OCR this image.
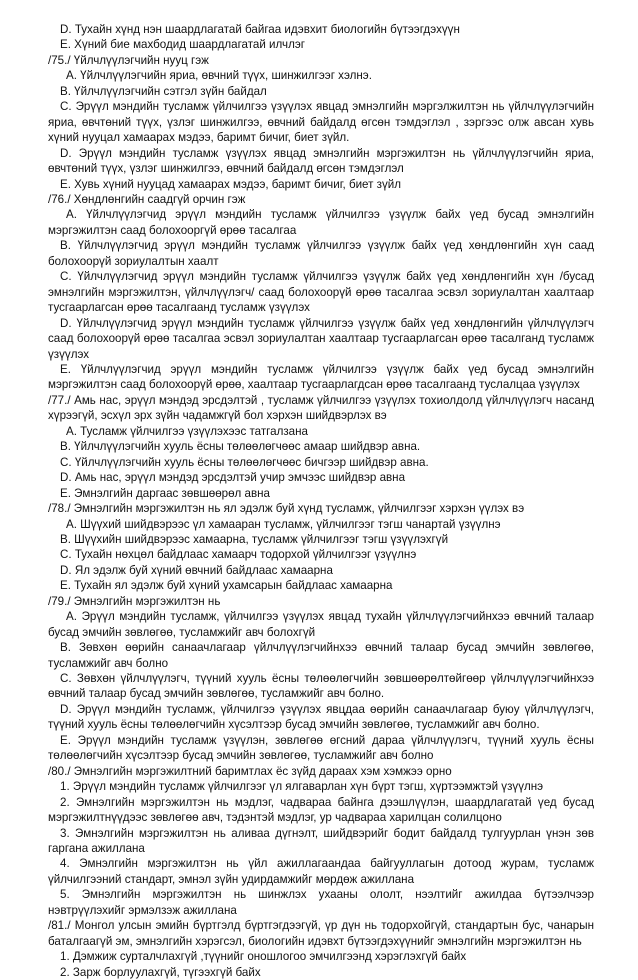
D. Тухайн хүнд нэн шаардлагатай байгаа идэвхит биологийн бүтээгдэхүүн

E. Хүний бие махбодид шаардлагатай илчлэг

/75./ Үйлчлүүлэгчийн нууц гэж

A. Үйлчлүүлэгчийн яриа, өвчний түүх, шинжилгээг хэлнэ.

B. Үйлчлүүлэгчийн сэтгэл зүйн байдал

C. Эрүүл мэндийн тусламж үйлчилгээ үзүүлэх явцад эмнэлгийн мэргэлжилтэн нь үйлчлүүлэгчийн яриа, өвчтөний түүх, үзлэг шинжилгээ, өвчний байдалд өгсөн тэмдэглэл , зэргээс олж авсан хувь хүний нууцал хамаарах мэдээ, баримт бичиг, биет зүйл.

D. Эрүүл мэндийн тусламж үзүүлэх явцад эмнэлгийн мэргэжилтэн нь үйлчлүүлэгчийн яриа, өвчтөний түүх, үзлэг шинжилгээ, өвчний байдалд өгсөн тэмдэглэл

E. Хувь хүний нууцад хамаарах мэдээ, баримт бичиг, биет зүйл

/76./ Хөндлөнгийн саадгүй орчин гэж

A. Үйлчлүүлэгчид эрүүл мэндийн тусламж үйлчилгээ үзүүлж байх үед бусад эмнэлгийн мэргэжилтэн саад болохооргүй өрөө тасалгаа

B. Үйлчлүүлэгчид эрүүл мэндийн тусламж үйлчилгээ үзүүлж байх үед хөндлөнгийн хүн саад болохоорүй зориулалтын хаалт

C. Үйлчлүүлэгчид эрүүл мэндийн тусламж үйлчилгээ үзүүлж байх үед хөндлөнгийн хүн /бусад эмнэлгийн мэргэжилтэн, үйлчлүүлэгч/ саад болохоорүй өрөө тасалгаа эсвэл зориулалтан хаалтаар тусгаарлагсан өрөө тасалгаанд тусламж үзүүлэх

D. Үйлчлүүлэгчид эрүүл мэндийн тусламж үйлчилгээ үзүүлж байх үед хөндлөнгийн үйлчлүүлэгч саад болохоорүй өрөө тасалгаа эсвэл зориулалтан хаалтаар тусгаарлагсан өрөө тасалганд тусламж үзүүлэх

E. Үйлчлүүлэгчид эрүүл мэндийн тусламж үйлчилгээ үзүүлж байх үед бусад эмнэлгийн мэргэжилтэн саад болохоорүй өрөө, хаалтаар тусгаарлагдсан өрөө тасалгаанд туслалцаа үзүүлэх

/77./ Амь нас, эрүүл мэндэд эрсдэлтэй , тусламж үйлчилгээ үзүүлэх тохиолдолд үйлчлүүлэгч насанд хүрээгүй, эсхүл эрх зүйн чадамжгүй бол хэрхэн шийдвэрлэх вэ

A. Тусламж үйлчилгээ үзүүлэхээс татгалзана

B. Үйлчлүүлэгчийн хууль ёсны төлөөлөгчөөс амаар шийдвэр авна.

C. Үйлчлүүлэгчийн хууль ёсны төлөөлөгчөөс бичгээр шийдвэр авна.

D. Амь нас, эрүүл мэндэд эрсдэлтэй учир эмчээс шийдвэр авна

E. Эмнэлгийн даргаас зөвшөөрөл авна

/78./ Эмнэлгийн мэргэжилтэн нь ял эдэлж буй хүнд тусламж, үйлчилгээг хэрхэн үүлэх вэ

A. Шүүхий шийдвэрээс үл хамааран тусламж, үйлчилгээг тэгш чанартай үзүүлнэ

B. Шүүхийн шийдвэрээс хамаарна, тусламж үйлчилгээг тэгш үзүүлэхгүй

C. Тухайн нөхцөл байдлаас хамаарч тодорхой үйлчилгээг үзүүлнэ

D. Ял эдэлж буй хүний өвчний байдлаас хамаарна

E. Тухайн ял эдэлж буй хүний ухамсарын байдлаас хамаарна

/79./ Эмнэлгийн мэргэжилтэн нь

A. Эрүүл мэндийн тусламж, үйлчилгээ үзүүлэх явцад тухайн үйлчлүүлэгчийнхээ өвчний талаар бусад эмчийн зөвлөгөө, тусламжийг авч болохгүй

B. Зөвхөн өөрийн санаачлагаар үйлчлүүлэгчийнхээ өвчний талаар бусад эмчийн зөвлөгөө, тусламжийг авч болно

C. Зөвхөн үйлчлүүлэгч, түүний хууль ёсны төлөөлөгчийн зөвшөөрөлтөйгөөр үйлчлүүлэгчийнхээ өвчний талаар бусад эмчийн зөвлөгөө, тусламжийг авч болно.

D. Эрүүл мэндийн тусламж, үйлчилгээ үзүүлэх явцдаа өөрийн санаачлагаар буюу үйлчлүүлэгч, түүний хууль ёсны төлөөлөгчийн хүсэлтээр бусад эмчийн зөвлөгөө, тусламжийг авч болно.

E. Эрүүл мэндийн тусламж үзүүлэн, зөвлөгөө өгсний дараа үйлчлүүлэгч, түүний хууль ёсны төлөөлөгчийн хүсэлтээр бусад эмчийн зөвлөгөө, тусламжийг авч болно

/80./ Эмнэлгийн мэргэжилтний баримтлах ёс зүйд дараах хэм хэмжээ орно

1. Эрүүл мэндийн тусламж үйлчилгээг үл ялгаварлан хүн бүрт тэгш, хүртээмжтэй үзүүлнэ

2. Эмнэлгийн мэргэжилтэн нь мэдлэг, чадвараа байнга дээшлүүлэн, шаардлагатай үед бусад мэргэжилтнүүдээс зөвлөгөө авч, тэдэнтэй мэдлэг, ур чадвараа харилцан солилцоно

3. Эмнэлгийн мэргэжилтэн нь аливаа дүгнэлт, шийдвэрийг бодит байдалд тулгуурлан үнэн зөв гаргана ажиллана

4. Эмнэлгийн мэргэжилтэн нь үйл ажиллагаандаа байгууллагын дотоод журам, тусламж үйлчилгээний стандарт, эмнэл зүйн удирдамжийг мөрдөж ажиллана

5. Эмнэлгийн мэргэжилтэн нь шинжлэх ухааны ололт, нээлтийг ажилдаа бүтээлчээр нэвтрүүлэхийг эрмэлзэж ажиллана

/81./ Монгол улсын эмийн бүртгэлд бүртгэгдээгүй, үр дүн нь тодорхойгүй, стандартын бус, чанарын баталгаагүй эм, эмнэлгийн хэрэгсэл, биологийн идэвхт бүтээгдэхүүнийг эмнэлгийн мэргэжилтэн нь

1. Дэмжиж сурталчлахгүй ,түүнийг оношлогоо эмчилгээнд хэрэглэхгүй байх

2. Зарж борлуулахгүй, түгээхгүй байх
